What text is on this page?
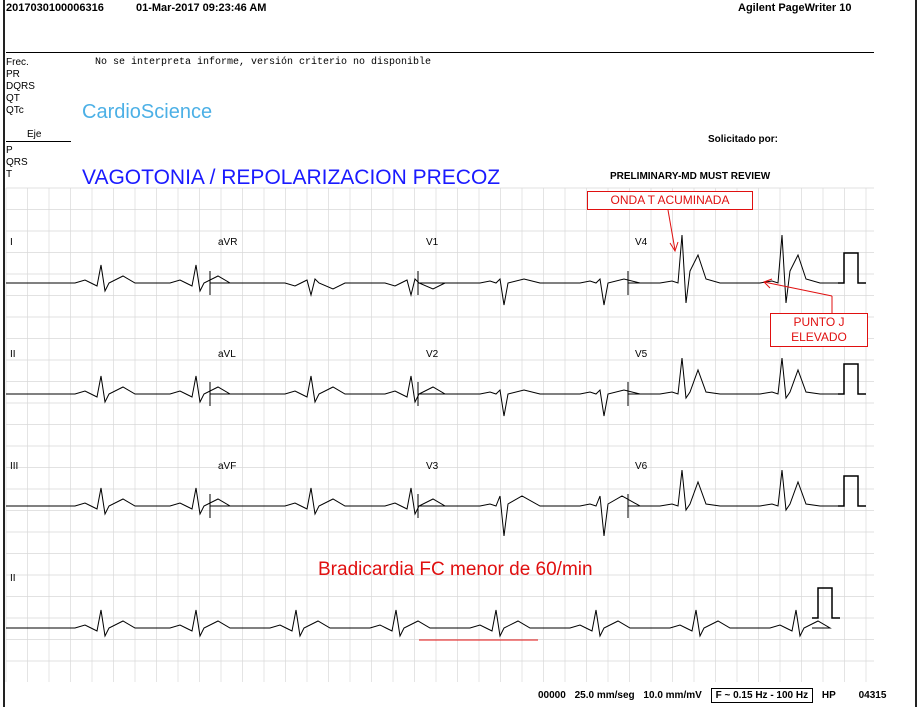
2017030100006316	01-Mar-2017 09:23:46 AM	Agilent PageWriter 10
Frec.
PR
DQRS
QT
QTc
No se interpreta informe, versión criterio no disponible
CardioScience
Eje
P
QRS
T
Solicitado por:
VAGOTONIA / REPOLARIZACION PRECOZ	PRELIMINARY-MD MUST REVIEW
I	aVR	V1	V4
II	aVL	V2	V5
III	aVF	V3	V6
II
ONDA T ACUMINADA
PUNTO J
ELEVADO
Bradicardia FC menor de 60/min
00000 25.0 mm/seg 10.0 mm/mV F ~ 0.15 Hz - 100 Hz HP 04315
